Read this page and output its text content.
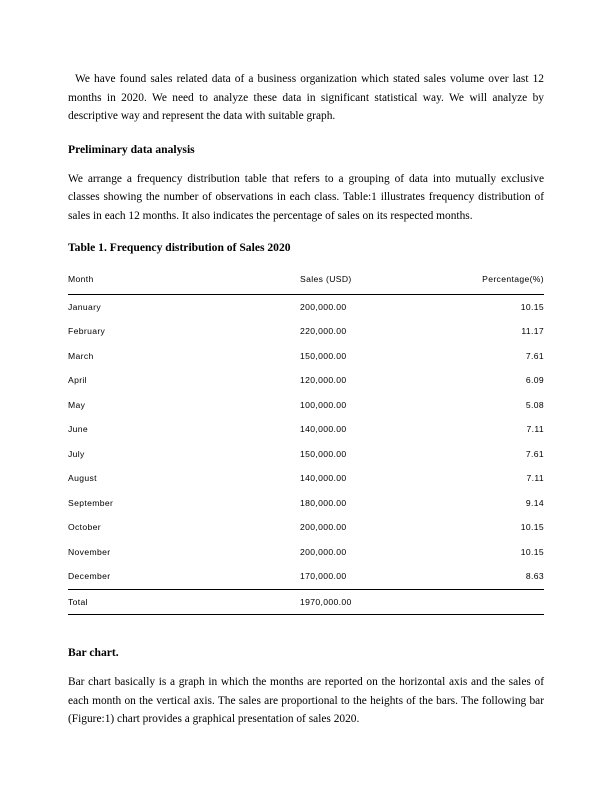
We have found sales related data of a business organization which stated sales volume over last 12 months in 2020. We need to analyze these data in significant statistical way. We will analyze by descriptive way and represent the data with suitable graph.

Preliminary data analysis

We arrange a frequency distribution table that refers to a grouping of data into mutually exclusive classes showing the number of observations in each class. Table:1 illustrates frequency distribution of sales in each 12 months. It also indicates the percentage of sales on its respected months.

Table 1. Frequency distribution of Sales 2020

Month	Sales (USD)	Percentage(%)
January	200,000.00	10.15
February	220,000.00	11.17
March	150,000.00	7.61
April	120,000.00	6.09
May	100,000.00	5.08
June	140,000.00	7.11
July	150,000.00	7.61
August	140,000.00	7.11
September	180,000.00	9.14
October	200,000.00	10.15
November	200,000.00	10.15
December	170,000.00	8.63
Total	1970,000.00	

Bar chart.

Bar chart basically is a graph in which the months are reported on the horizontal axis and the sales of each month on the vertical axis. The sales are proportional to the heights of the bars. The following bar (Figure:1) chart provides a graphical presentation of sales 2020.
